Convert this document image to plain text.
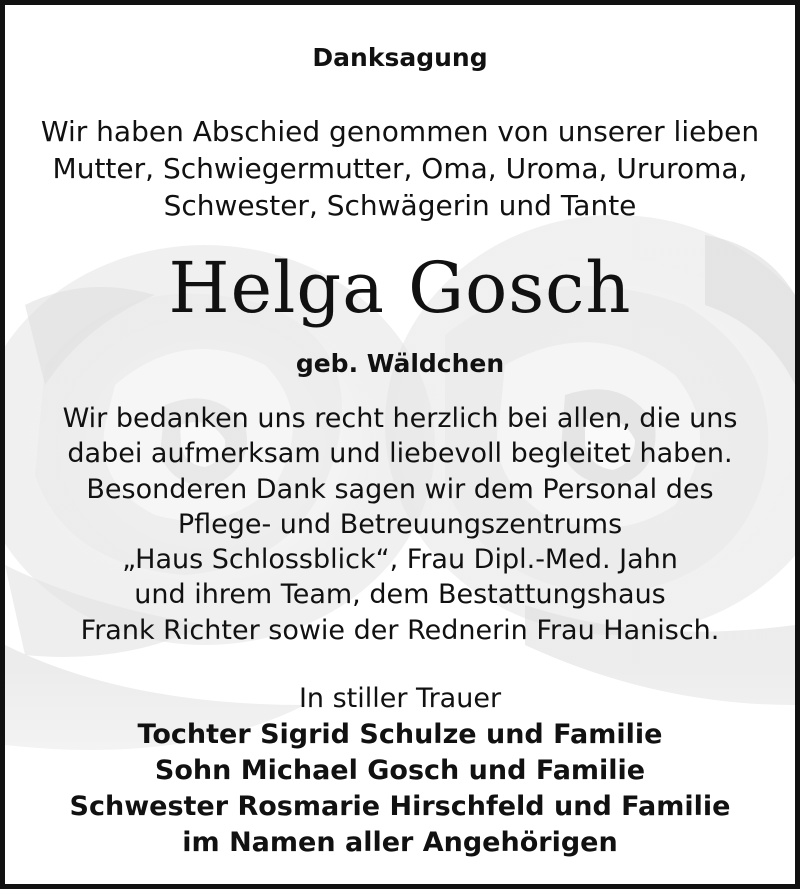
Danksagung
Wir haben Abschied genommen von unserer lieben
Mutter, Schwiegermutter, Oma, Uroma, Ururoma,
Schwester, Schwägerin und Tante
Helga Gosch
geb. Wäldchen
Wir bedanken uns recht herzlich bei allen, die uns
dabei aufmerksam und liebevoll begleitet haben.
Besonderen Dank sagen wir dem Personal des
Pflege- und Betreuungszentrums
„Haus Schlossblick“, Frau Dipl.-Med. Jahn
und ihrem Team, dem Bestattungshaus
Frank Richter sowie der Rednerin Frau Hanisch.
In stiller Trauer
Tochter Sigrid Schulze und Familie
Sohn Michael Gosch und Familie
Schwester Rosmarie Hirschfeld und Familie
im Namen aller Angehörigen
